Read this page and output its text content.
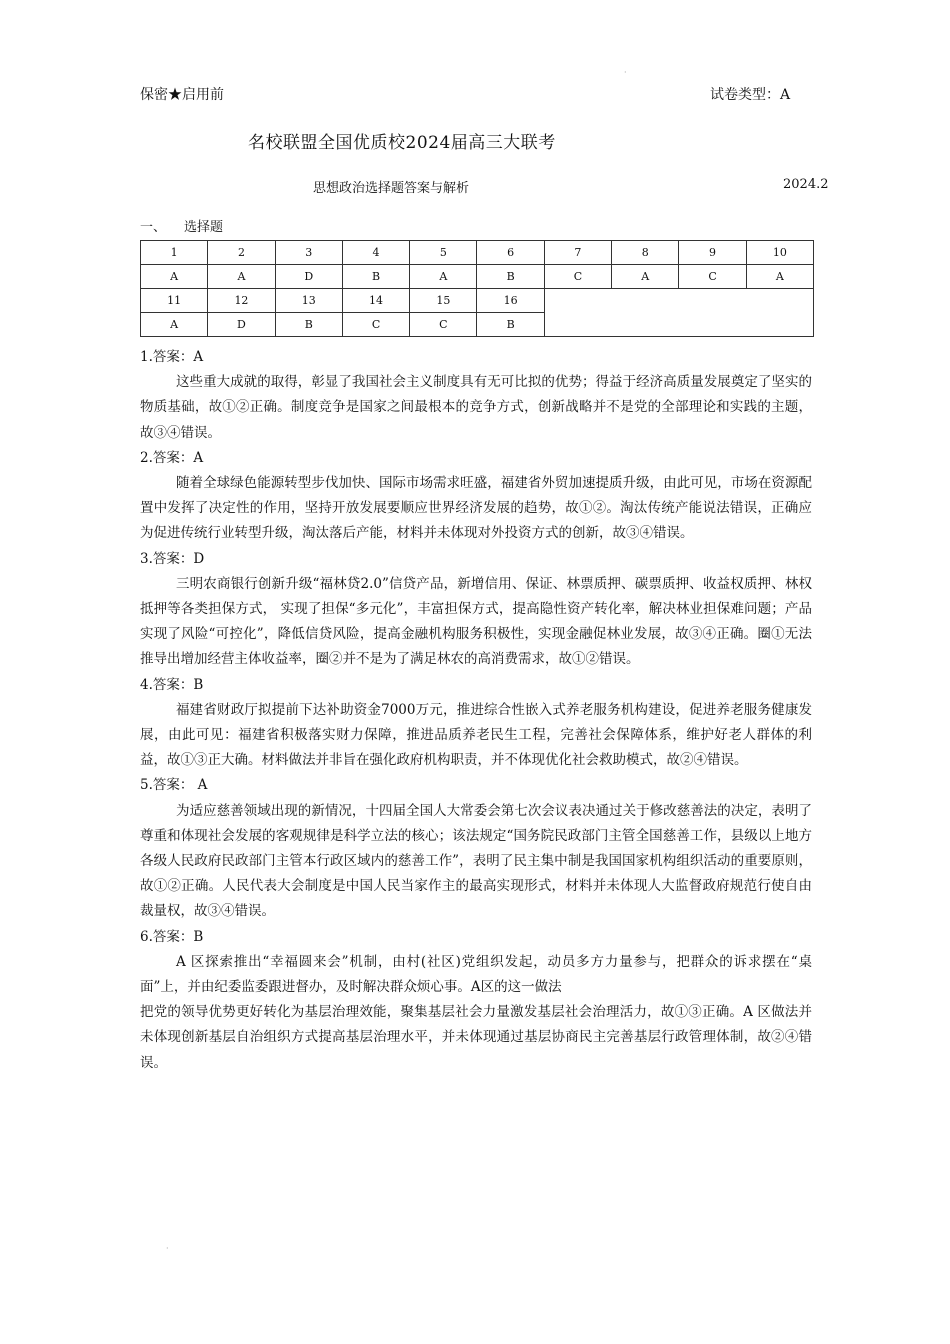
保密★启用前	试卷类型：A
名校联盟全国优质校2024届高三大联考
思想政治选择题答案与解析	2024.2
一、 选择题
1	2	3	4	5	6	7	8	9	10
A	A	D	B	A	B	C	A	C	A
11	12	13	14	15	16				
A	D	B	C	C	B				

1.答案：A

这些重大成就的取得，彰显了我国社会主义制度具有无可比拟的优势；得益于经济高质量发展奠定了坚实的物质基础，故①②正确。制度竞争是国家之间最根本的竞争方式，创新战略并不是党的全部理论和实践的主题，故③④错误。

2.答案：A

随着全球绿色能源转型步伐加快、国际市场需求旺盛，福建省外贸加速提质升级，由此可见，市场在资源配置中发挥了决定性的作用，坚持开放发展要顺应世界经济发展的趋势，故①②。淘汰传统产能说法错误，正确应为促进传统行业转型升级，淘汰落后产能，材料并未体现对外投资方式的创新，故③④错误。

3.答案：D

三明农商银行创新升级“福林贷2.0”信贷产品，新增信用、保证、林票质押、碳票质押、收益权质押、林权抵押等各类担保方式， 实现了担保“多元化”，丰富担保方式，提高隐性资产转化率，解决林业担保难问题；产品实现了风险“可控化”，降低信贷风险，提高金融机构服务积极性，实现金融促林业发展，故③④正确。圈①无法推导出增加经营主体收益率，圈②并不是为了满足林农的高消费需求，故①②错误。

4.答案：B

福建省财政厅拟提前下达补助资金7000万元，推进综合性嵌入式养老服务机构建设，促进养老服务健康发展，由此可见：福建省积极落实财力保障，推进品质养老民生工程，完善社会保障体系，维护好老人群体的利益，故①③正大确。材料做法并非旨在强化政府机构职责，并不体现优化社会救助模式，故②④错误。

5.答案： A

为适应慈善领域出现的新情况，十四届全国人大常委会第七次会议表决通过关于修改慈善法的决定，表明了尊重和体现社会发展的客观规律是科学立法的核心；该法规定“国务院民政部门主管全国慈善工作，县级以上地方各级人民政府民政部门主管本行政区域内的慈善工作”，表明了民主集中制是我国国家机构组织活动的重要原则，故①②正确。人民代表大会制度是中国人民当家作主的最高实现形式，材料并未体现人大监督政府规范行使自由裁量权，故③④错误。

6.答案：B

A 区探索推出“幸福圆来会”机制，由村(社区)党组织发起，动员多方力量参与，把群众的诉求摆在“桌面”上，并由纪委监委跟进督办，及时解决群众烦心事。A区的这一做法

把党的领导优势更好转化为基层治理效能，聚集基层社会力量激发基层社会治理活力，故①③正确。A 区做法并未体现创新基层自治组织方式提高基层治理水平，并未体现通过基层协商民主完善基层行政管理体制，故②④错误。

·
·
